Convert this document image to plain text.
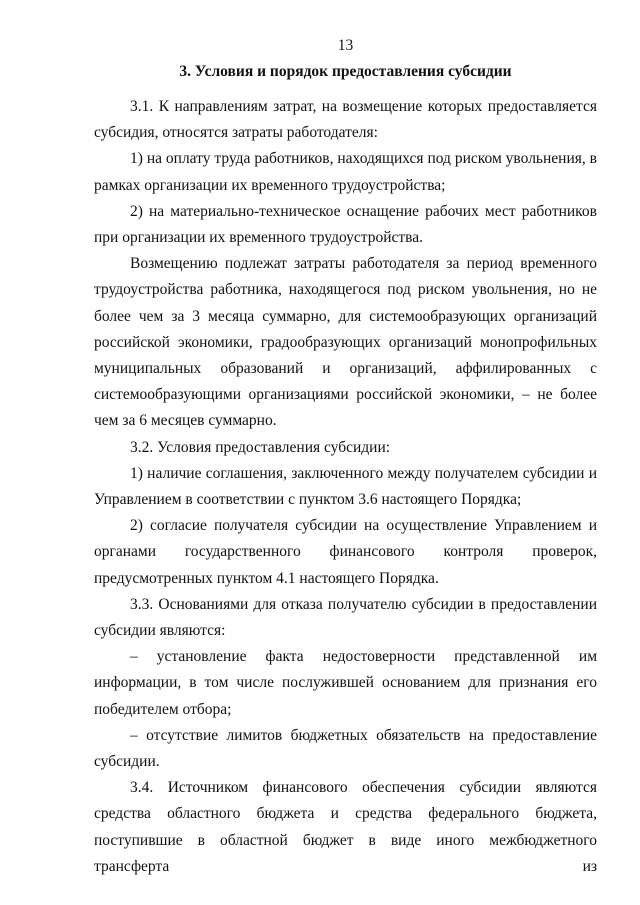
13
3. Условия и порядок предоставления субсидии

3.1. К направлениям затрат, на возмещение которых предоставляется субсидия, относятся затраты работодателя:

1) на оплату труда работников, находящихся под риском увольнения, в рамках организации их временного трудоустройства;

2) на материально-техническое оснащение рабочих мест работников при организации их временного трудоустройства.

Возмещению подлежат затраты работодателя за период временного трудоустройства работника, находящегося под риском увольнения, но не более чем за 3 месяца суммарно, для системообразующих организаций российской экономики, градообразующих организаций монопрофильных муниципальных образований и организаций, аффилированных с системообразующими организациями российской экономики, – не более чем за 6 месяцев суммарно.

3.2. Условия предоставления субсидии:

1) наличие соглашения, заключенного между получателем субсидии и Управлением в соответствии с пунктом 3.6 настоящего Порядка;

2) согласие получателя субсидии на осуществление Управлением и органами государственного финансового контроля проверок, предусмотренных пунктом 4.1 настоящего Порядка.

3.3. Основаниями для отказа получателю субсидии в предоставлении субсидии являются:

– установление факта недостоверности представленной им информации, в том числе послужившей основанием для признания его победителем отбора;

– отсутствие лимитов бюджетных обязательств на предоставление субсидии.

3.4. Источником финансового обеспечения субсидии являются средства областного бюджета и средства федерального бюджета, поступившие в областной бюджет в виде иного межбюджетного трансферта из
